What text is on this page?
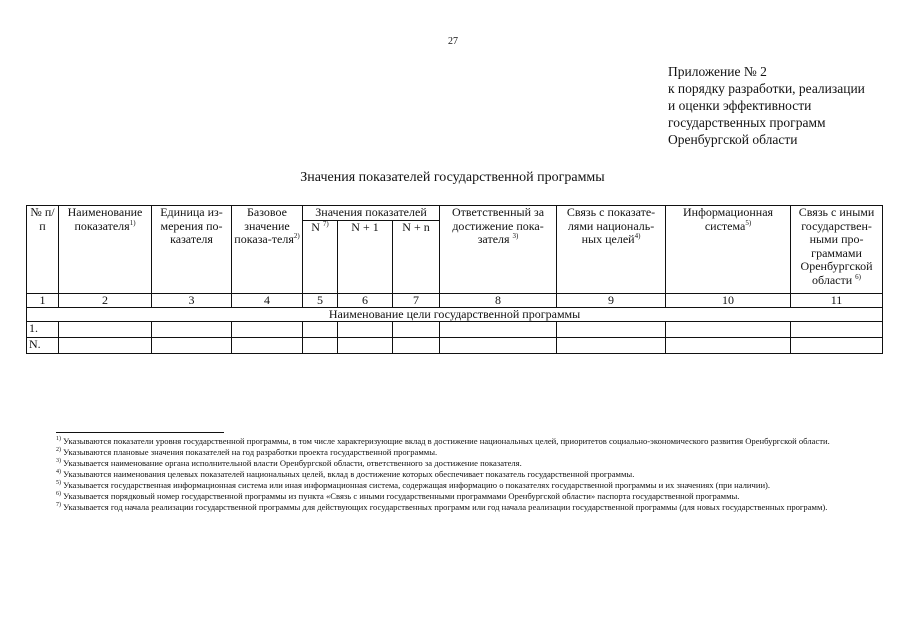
27
Приложение № 2
к порядку разработки, реализации
и оценки эффективности
государственных программ
Оренбургской области
Значения показателей государственной программы
№ п/п	Наименование показателя$^{1)}$	Единица из-мерения по-казателя	Базовое значение показа-теля$^{2)}$	Значения показателей			Ответственный за достижение пока-зателя $^{3)}$	Связь с показате-лями националь-ных целей$^{4)}$	Информационная система$^{5)}$	Связь с иными государствен-ными про-граммами Оренбургской области $^{6)}$
				N $^{7)}$	N + 1	N + n				
1	2	3	4	5	6	7	8	9	10	11
Наименование цели государственной программы										
1.										
N.										

$^{1)}$ Указываются показатели уровня государственной программы, в том числе характеризующие вклад в достижение национальных целей, приоритетов социально-экономического развития Оренбургской области.

$^{2)}$ Указываются плановые значения показателей на год разработки проекта государственной программы.

$^{3)}$ Указывается наименование органа исполнительной власти Оренбургской области, ответственного за достижение показателя.

$^{4)}$ Указываются наименования целевых показателей национальных целей, вклад в достижение которых обеспечивает показатель государственной программы.

$^{5)}$ Указывается государственная информационная система или иная информационная система, содержащая информацию о показателях государственной программы и их значениях (при наличии).

$^{6)}$ Указывается порядковый номер государственной программы из пункта «Связь с иными государственными программами Оренбургской области» паспорта государственной программы.

$^{7)}$ Указывается год начала реализации государственной программы для действующих государственных программ или год начала реализации государственной программы (для новых государственных программ).
